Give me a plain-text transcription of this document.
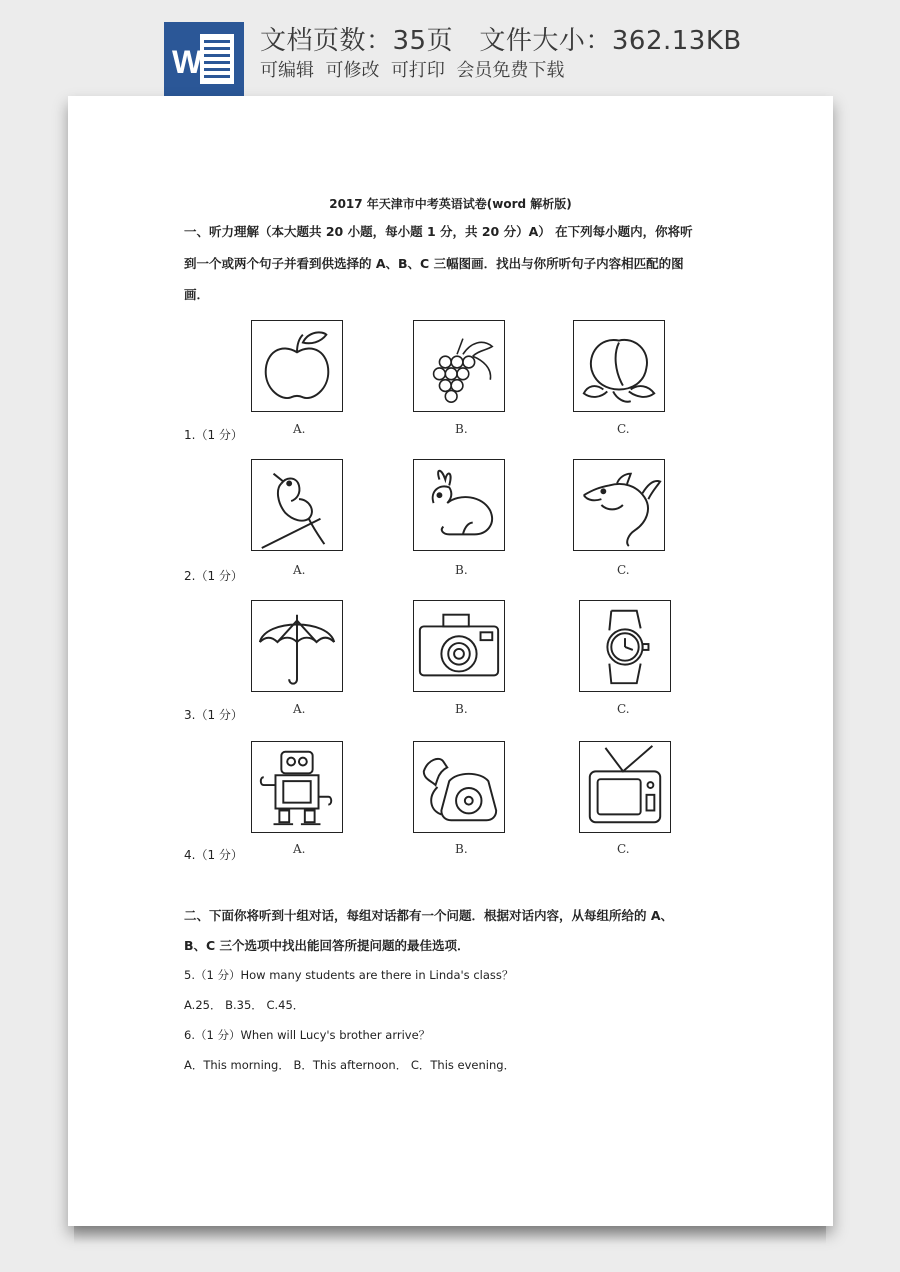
W
文档页数：35页   文件大小：362.13KB
可编辑  可修改  可打印  会员免费下载
2017 年天津市中考英语试卷(word 解析版)
一、听力理解（本大题共 20 小题，每小题 1 分，共 20 分）A） 在下列每小题内，你将听
到一个或两个句子并看到供选择的 A、B、C 三幅图画．找出与你所听句子内容相匹配的图
画．
1.（1 分）	A.	B.	C.
2.（1 分）	A.	B.	C.
3.（1 分）	A.	B.	C.
4.（1 分）	A.	B.	C.
二、下面你将听到十组对话，每组对话都有一个问题．根据对话内容，从每组所给的 A、
B、C 三个选项中找出能回答所提问题的最佳选项．
5.（1 分）How many students are there in Linda's class？
A.25． B.35． C.45．
6.（1 分）When will Lucy's brother arrive？
A．This morning． B．This afternoon． C．This evening．
